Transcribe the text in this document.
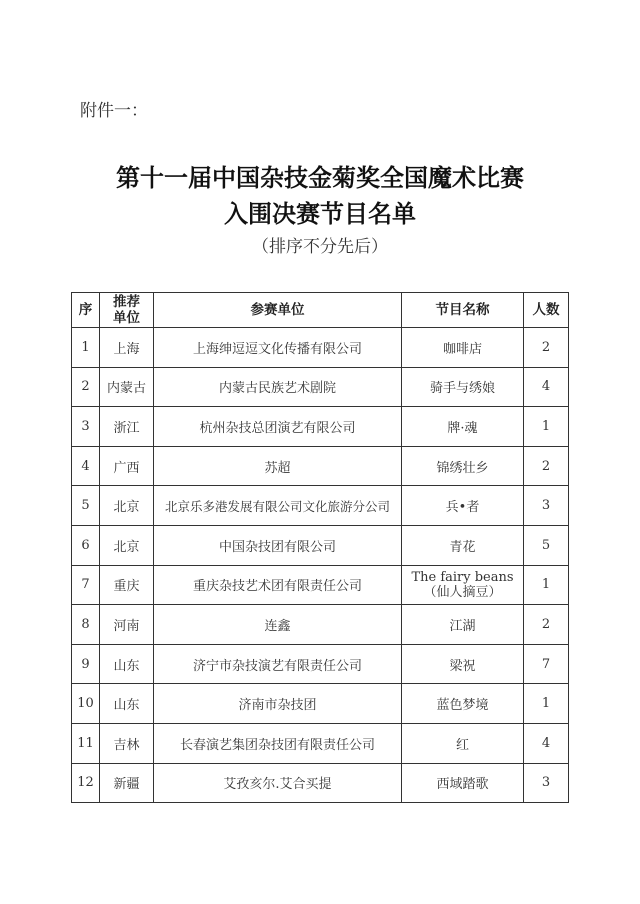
附件一：
第十一届中国杂技金菊奖全国魔术比赛
入围决赛节目名单
（排序不分先后）
序	推荐单位	参赛单位	节目名称	人数
1	上海	上海绅逗逗文化传播有限公司	咖啡店	2
2	内蒙古	内蒙古民族艺术剧院	骑手与绣娘	4
3	浙江	杭州杂技总团演艺有限公司	牌·魂	1
4	广西	苏超	锦绣壮乡	2
5	北京	北京乐多港发展有限公司文化旅游分公司	兵•者	3
6	北京	中国杂技团有限公司	青花	5
7	重庆	重庆杂技艺术团有限责任公司	The fairy beans
（仙人摘豆）	1
8	河南	连鑫	江湖	2
9	山东	济宁市杂技演艺有限责任公司	梁祝	7
10	山东	济南市杂技团	蓝色梦境	1
11	吉林	长春演艺集团杂技团有限责任公司	红	4
12	新疆	艾孜亥尔.艾合买提	西域踏歌	3
